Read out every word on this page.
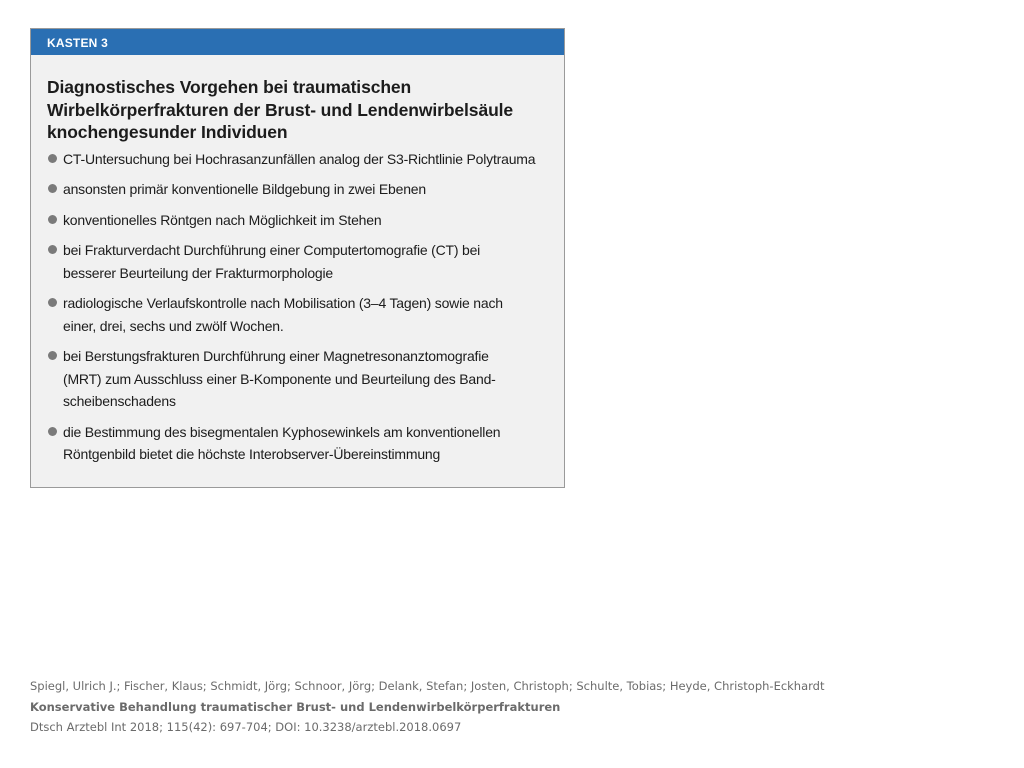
KASTEN 3
Diagnostisches Vorgehen bei traumatischen
Wirbelkörperfrakturen der Brust- und Lendenwirbelsäule
knochengesunder Individuen
CT-Untersuchung bei Hochrasanzunfällen analog der S3-Richtlinie Polytrauma
ansonsten primär konventionelle Bildgebung in zwei Ebenen
konventionelles Röntgen nach Möglichkeit im Stehen
bei Frakturverdacht Durchführung einer Computertomografie (CT) bei
besserer Beurteilung der Frakturmorphologie
radiologische Verlaufskontrolle nach Mobilisation (3–4 Tagen) sowie nach
einer, drei, sechs und zwölf Wochen.
bei Berstungsfrakturen Durchführung einer Magnetresonanztomografie
(MRT) zum Ausschluss einer B-Komponente und Beurteilung des Band-
scheibenschadens
die Bestimmung des bisegmentalen Kyphosewinkels am konventionellen
Röntgenbild bietet die höchste Interobserver-Übereinstimmung
Spiegl, Ulrich J.; Fischer, Klaus; Schmidt, Jörg; Schnoor, Jörg; Delank, Stefan; Josten, Christoph; Schulte, Tobias; Heyde, Christoph-Eckhardt
Konservative Behandlung traumatischer Brust- und Lendenwirbelkörperfrakturen
Dtsch Arztebl Int 2018; 115(42): 697-704; DOI: 10.3238/arztebl.2018.0697
